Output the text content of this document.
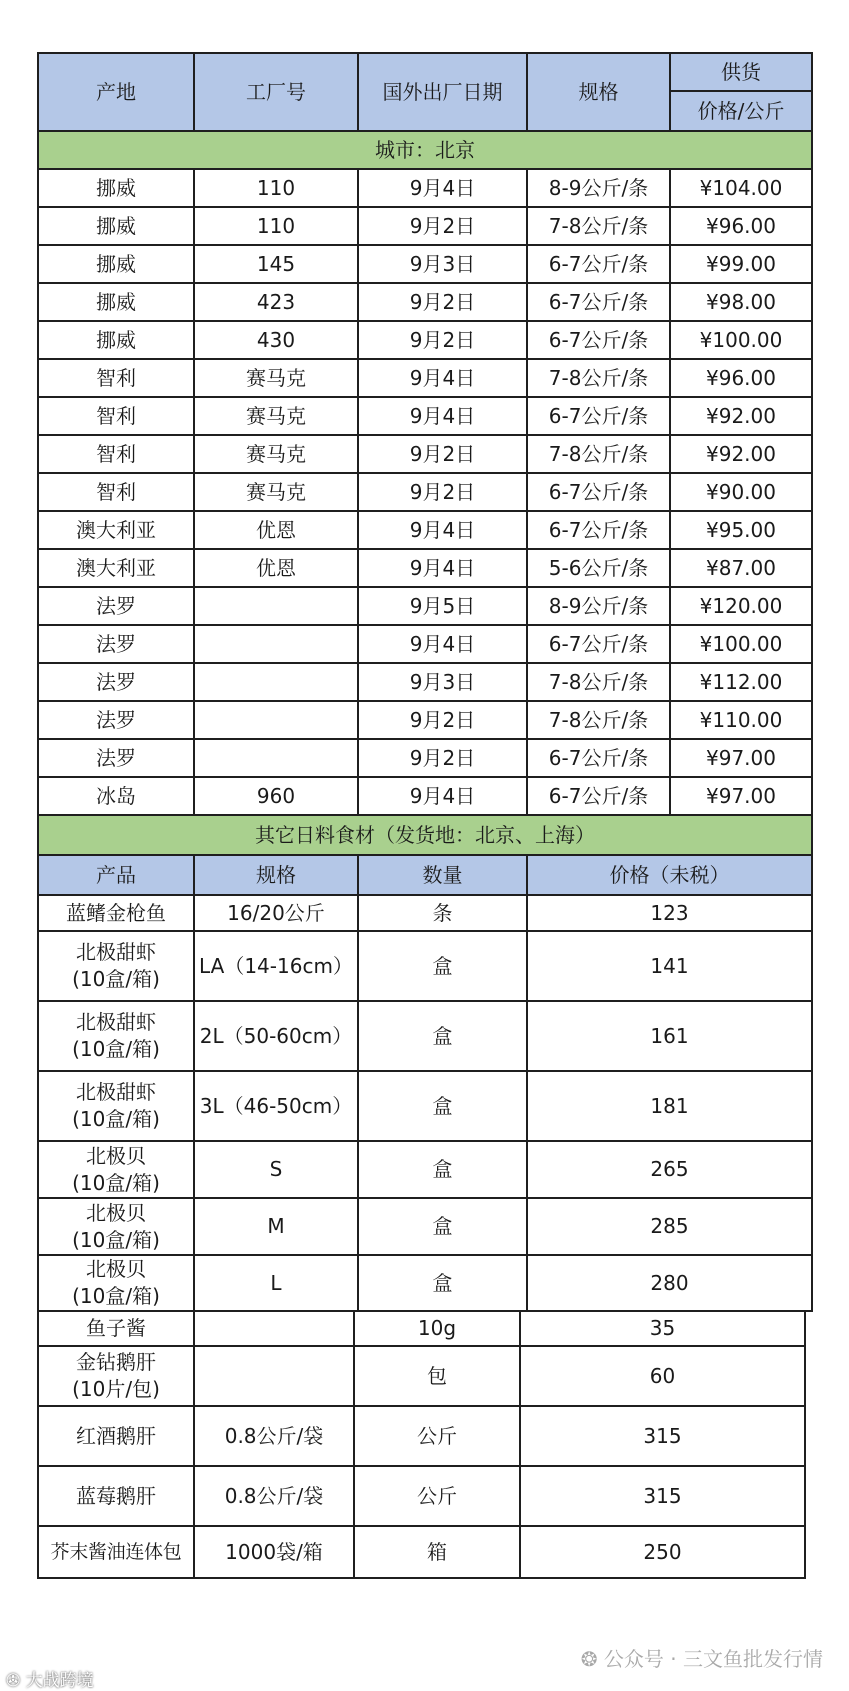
产地	工厂号	国外出厂日期	规格	供货
				价格/公斤
城市：北京				
挪威	110	9月4日	8-9公斤/条	¥104.00
挪威	110	9月2日	7-8公斤/条	¥96.00
挪威	145	9月3日	6-7公斤/条	¥99.00
挪威	423	9月2日	6-7公斤/条	¥98.00
挪威	430	9月2日	6-7公斤/条	¥100.00
智利	赛马克	9月4日	7-8公斤/条	¥96.00
智利	赛马克	9月4日	6-7公斤/条	¥92.00
智利	赛马克	9月2日	7-8公斤/条	¥92.00
智利	赛马克	9月2日	6-7公斤/条	¥90.00
澳大利亚	优恩	9月4日	6-7公斤/条	¥95.00
澳大利亚	优恩	9月4日	5-6公斤/条	¥87.00
法罗		9月5日	8-9公斤/条	¥120.00
法罗		9月4日	6-7公斤/条	¥100.00
法罗		9月3日	7-8公斤/条	¥112.00
法罗		9月2日	7-8公斤/条	¥110.00
法罗		9月2日	6-7公斤/条	¥97.00
冰岛	960	9月4日	6-7公斤/条	¥97.00
其它日料食材（发货地：北京、上海）				
产品	规格	数量	价格（未税）

蓝鳍金枪鱼	16/20公斤	条	123

北极甜虾
(10盒/箱)	LA（14-16cm）	盒	141

北极甜虾
(10盒/箱)	2L（50-60cm）	盒	161

北极甜虾
(10盒/箱)	3L（46-50cm）	盒	181

北极贝
(10盒/箱)	S	盒	265

北极贝
(10盒/箱)	M	盒	285

北极贝
(10盒/箱)	L	盒	280
鱼子酱		10g	35

金钻鹅肝
(10片/包)		包	60

红酒鹅肝	0.8公斤/袋	公斤	315

蓝莓鹅肝	0.8公斤/袋	公斤	315

芥末酱油连体包	1000袋/箱	箱	250
❂ 公众号 · 三文鱼批发行情
✇ 大战跨境
